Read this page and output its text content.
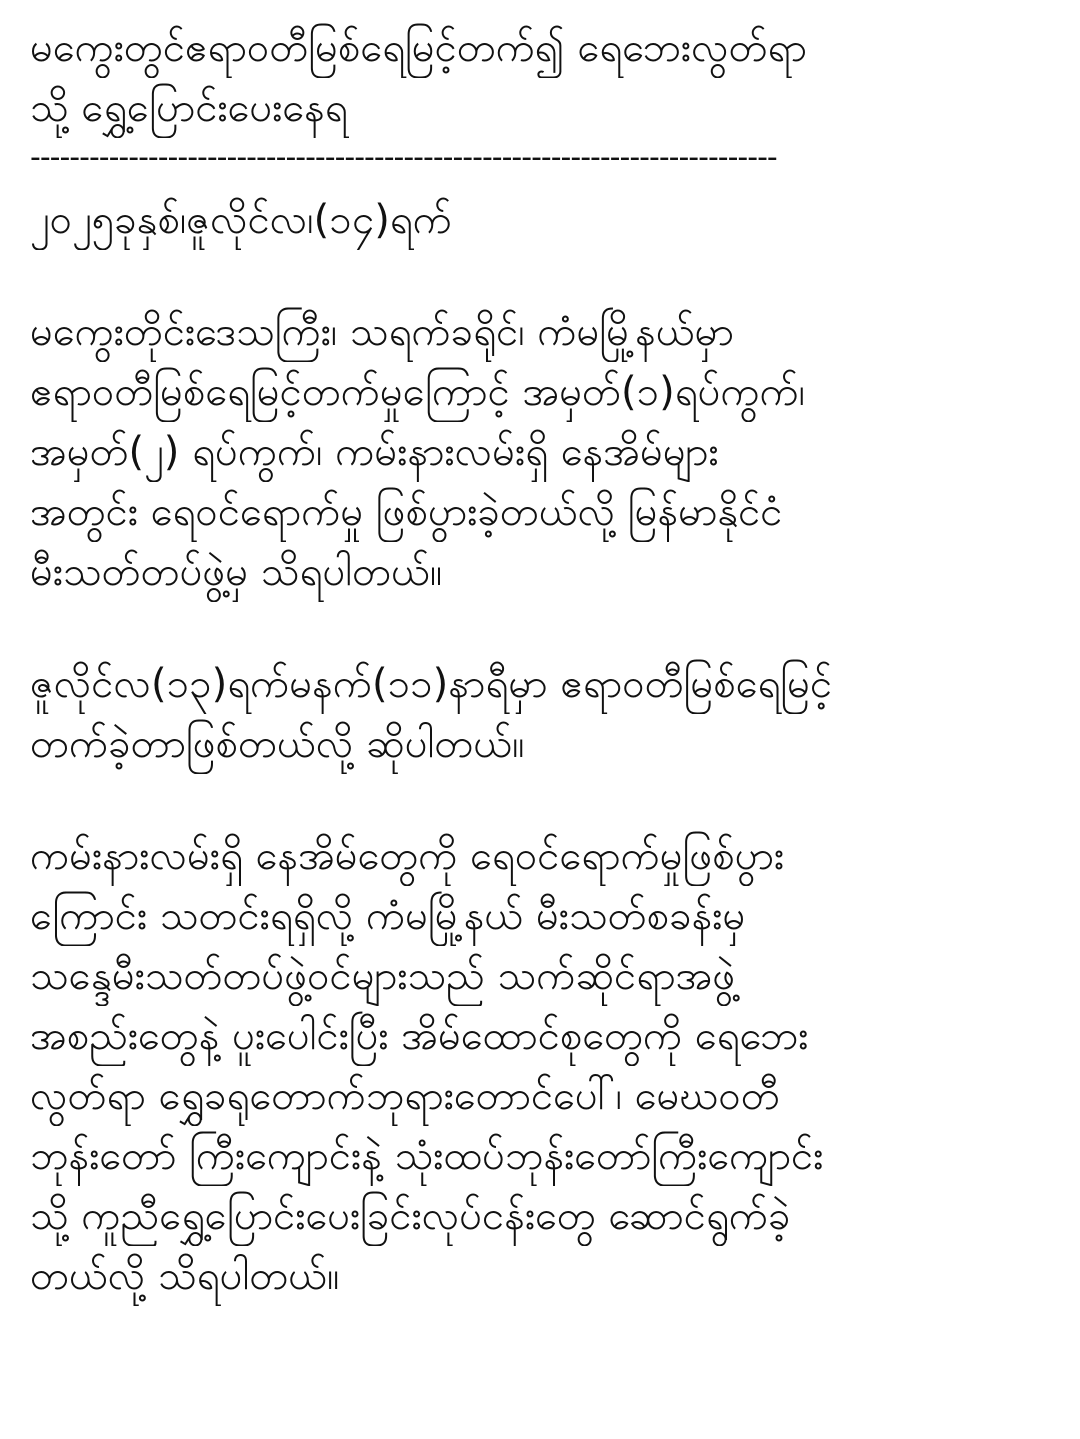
မကွေးတွင်ဧရာဝတီမြစ်ရေမြင့်တက်၍ ရေဘေးလွတ်ရာ
သို့ ရွှေ့ပြောင်းပေးနေရ
----------------------------------------------------------------------------
၂၀၂၅ခုနှစ်၊ဇူလိုင်လ၊(၁၄)ရက်
မကွေးတိုင်းဒေသကြီး၊ သရက်ခရိုင်၊ ကံမမြို့နယ်မှာ
ဧရာဝတီမြစ်ရေမြင့်တက်မှုကြောင့် အမှတ်(၁)ရပ်ကွက်၊
အမှတ်(၂) ရပ်ကွက်၊ ကမ်းနားလမ်းရှိ နေအိမ်များ
အတွင်း ရေဝင်ရောက်မှု ဖြစ်ပွားခဲ့တယ်လို့ မြန်မာနိုင်ငံ
မီးသတ်တပ်ဖွဲ့မှ သိရပါတယ်။
ဇူလိုင်လ(၁၃)ရက်မနက်(၁၁)နာရီမှာ ဧရာဝတီမြစ်ရေမြင့်
တက်ခဲ့တာဖြစ်တယ်လို့ ဆိုပါတယ်။
ကမ်းနားလမ်းရှိ နေအိမ်တွေကို ရေဝင်ရောက်မှုဖြစ်ပွား
ကြောင်း သတင်းရရှိလို့ ကံမမြို့နယ် မီးသတ်စခန်းမှ
သန္ဒေမီးသတ်တပ်ဖွဲ့ဝင်များသည် သက်ဆိုင်ရာအဖွဲ့
အစည်းတွေနဲ့ ပူးပေါင်းပြီး အိမ်ထောင်စုတွေကို ရေဘေး
လွတ်ရာ ရွှေခရုတောက်ဘုရားတောင်ပေါ်၊ မေဃဝတီ
ဘုန်းတော် ကြီးကျောင်းနဲ့ သုံးထပ်ဘုန်းတော်ကြီးကျောင်း
သို့ ကူညီရွှေ့ပြောင်းပေးခြင်းလုပ်ငန်းတွေ ဆောင်ရွက်ခဲ့
တယ်လို့ သိရပါတယ်။
